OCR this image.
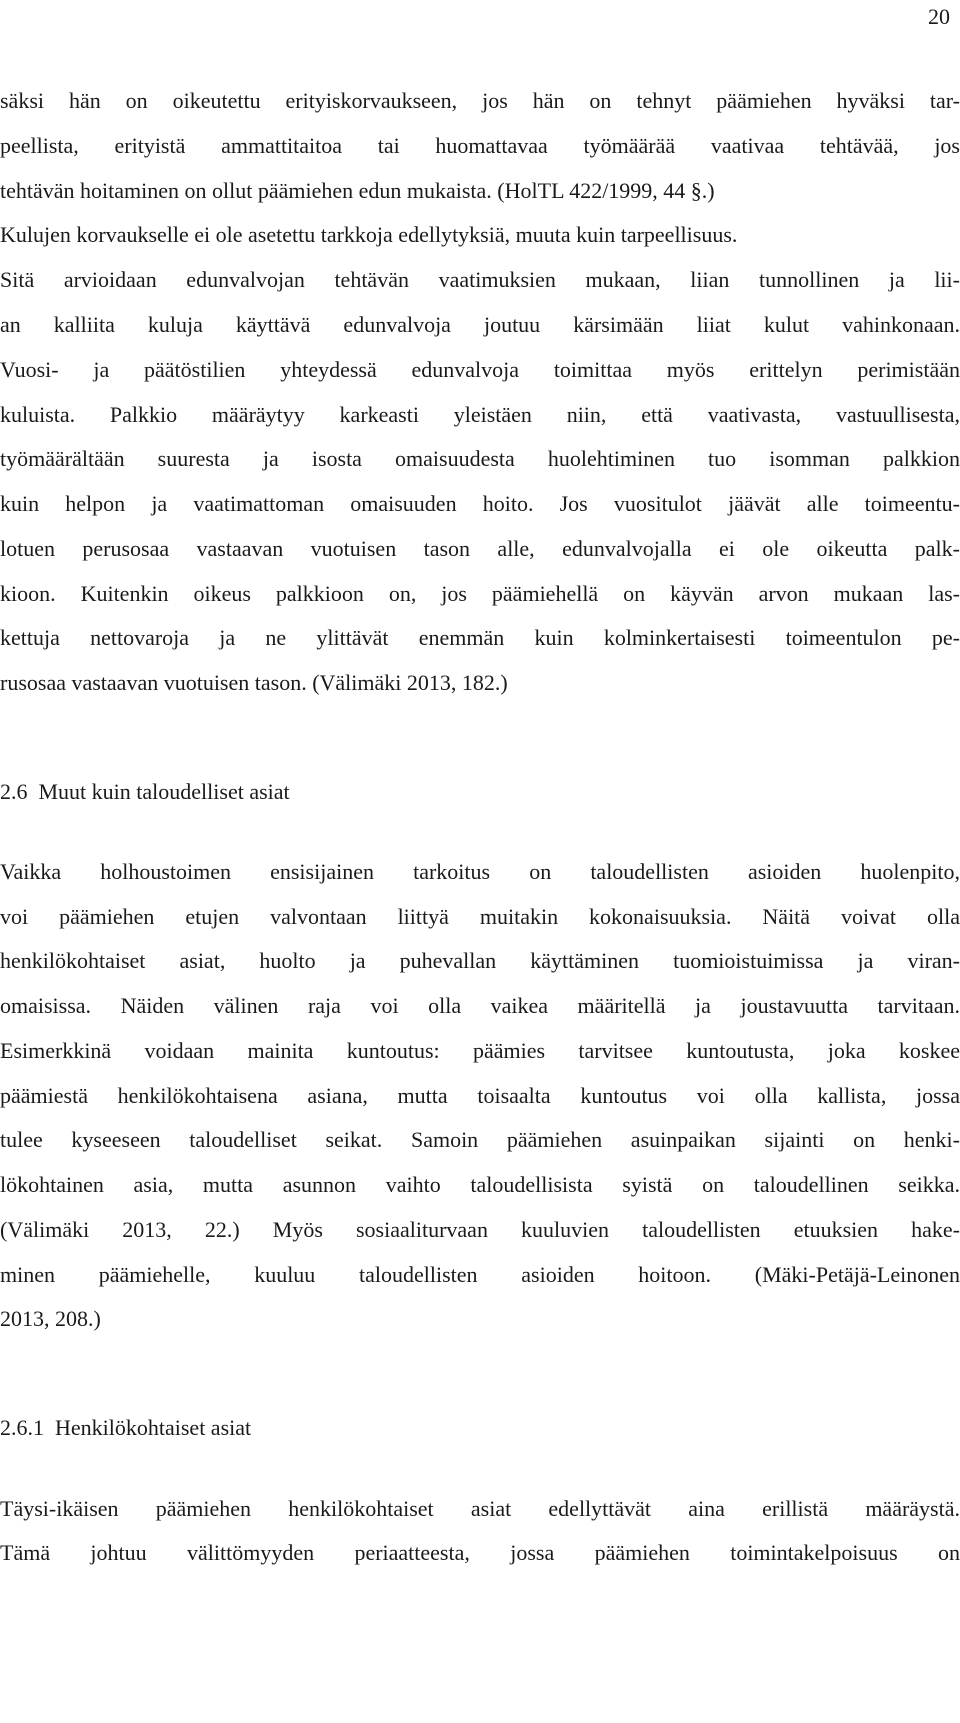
20
säksi hän on oikeutettu erityiskorvaukseen, jos hän on tehnyt päämiehen hyväksi tar-
peellista, erityistä ammattitaitoa tai huomattavaa työmäärää vaativaa tehtävää, jos
tehtävän hoitaminen on ollut päämiehen edun mukaista. (HolTL 422/1999, 44 §.)
Kulujen korvaukselle ei ole asetettu tarkkoja edellytyksiä, muuta kuin tarpeellisuus.
Sitä arvioidaan edunvalvojan tehtävän vaatimuksien mukaan, liian tunnollinen ja lii-
an kalliita kuluja käyttävä edunvalvoja joutuu kärsimään liiat kulut vahinkonaan.
Vuosi- ja päätöstilien yhteydessä edunvalvoja toimittaa myös erittelyn perimistään
kuluista. Palkkio määräytyy karkeasti yleistäen niin, että vaativasta, vastuullisesta,
työmäärältään suuresta ja isosta omaisuudesta huolehtiminen tuo isomman palkkion
kuin helpon ja vaatimattoman omaisuuden hoito. Jos vuositulot jäävät alle toimeentu-
lotuen perusosaa vastaavan vuotuisen tason alle, edunvalvojalla ei ole oikeutta palk-
kioon. Kuitenkin oikeus palkkioon on, jos päämiehellä on käyvän arvon mukaan las-
kettuja nettovaroja ja ne ylittävät enemmän kuin kolminkertaisesti toimeentulon pe-
rusosaa vastaavan vuotuisen tason. (Välimäki 2013, 182.)
2.6  Muut kuin taloudelliset asiat
Vaikka holhoustoimen ensisijainen tarkoitus on taloudellisten asioiden huolenpito,
voi päämiehen etujen valvontaan liittyä muitakin kokonaisuuksia. Näitä voivat olla
henkilökohtaiset asiat, huolto ja puhevallan käyttäminen tuomioistuimissa ja viran-
omaisissa. Näiden välinen raja voi olla vaikea määritellä ja joustavuutta tarvitaan.
Esimerkkinä voidaan mainita kuntoutus: päämies tarvitsee kuntoutusta, joka koskee
päämiestä henkilökohtaisena asiana, mutta toisaalta kuntoutus voi olla kallista, jossa
tulee kyseeseen taloudelliset seikat. Samoin päämiehen asuinpaikan sijainti on henki-
lökohtainen asia, mutta asunnon vaihto taloudellisista syistä on taloudellinen seikka.
(Välimäki 2013, 22.) Myös sosiaaliturvaan kuuluvien taloudellisten etuuksien hake-
minen päämiehelle, kuuluu taloudellisten asioiden hoitoon. (Mäki-Petäjä-Leinonen
2013, 208.)
2.6.1  Henkilökohtaiset asiat
Täysi-ikäisen päämiehen henkilökohtaiset asiat edellyttävät aina erillistä määräystä.
Tämä johtuu välittömyyden periaatteesta, jossa päämiehen toimintakelpoisuus on
